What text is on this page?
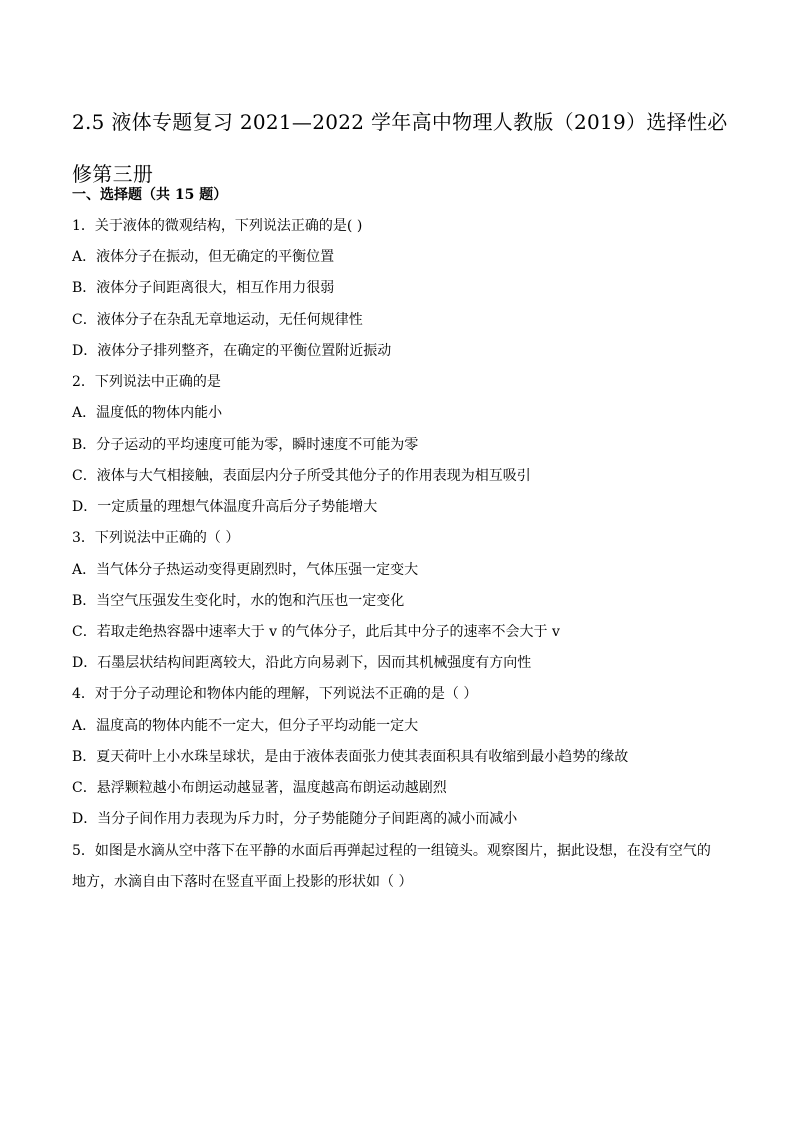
2.5 液体专题复习 2021—2022 学年高中物理人教版（2019）选择性必
修第三册
一、选择题（共 15 题）
1．关于液体的微观结构，下列说法正确的是( )
A．液体分子在振动，但无确定的平衡位置
B．液体分子间距离很大，相互作用力很弱
C．液体分子在杂乱无章地运动，无任何规律性
D．液体分子排列整齐，在确定的平衡位置附近振动
2．下列说法中正确的是
A．温度低的物体内能小
B．分子运动的平均速度可能为零，瞬时速度不可能为零
C．液体与大气相接触，表面层内分子所受其他分子的作用表现为相互吸引
D．一定质量的理想气体温度升高后分子势能增大
3．下列说法中正确的（ ）
A．当气体分子热运动变得更剧烈时，气体压强一定变大
B．当空气压强发生变化时，水的饱和汽压也一定变化
C．若取走绝热容器中速率大于 v 的气体分子，此后其中分子的速率不会大于 v
D．石墨层状结构间距离较大，沿此方向易剥下，因而其机械强度有方向性
4．对于分子动理论和物体内能的理解，下列说法不正确的是（ ）
A．温度高的物体内能不一定大，但分子平均动能一定大
B．夏天荷叶上小水珠呈球状，是由于液体表面张力使其表面积具有收缩到最小趋势的缘故
C．悬浮颗粒越小布朗运动越显著，温度越高布朗运动越剧烈
D．当分子间作用力表现为斥力时，分子势能随分子间距离的减小而减小
5．如图是水滴从空中落下在平静的水面后再弹起过程的一组镜头。观察图片，据此设想，在没有空气的
地方，水滴自由下落时在竖直平面上投影的形状如（ ）
